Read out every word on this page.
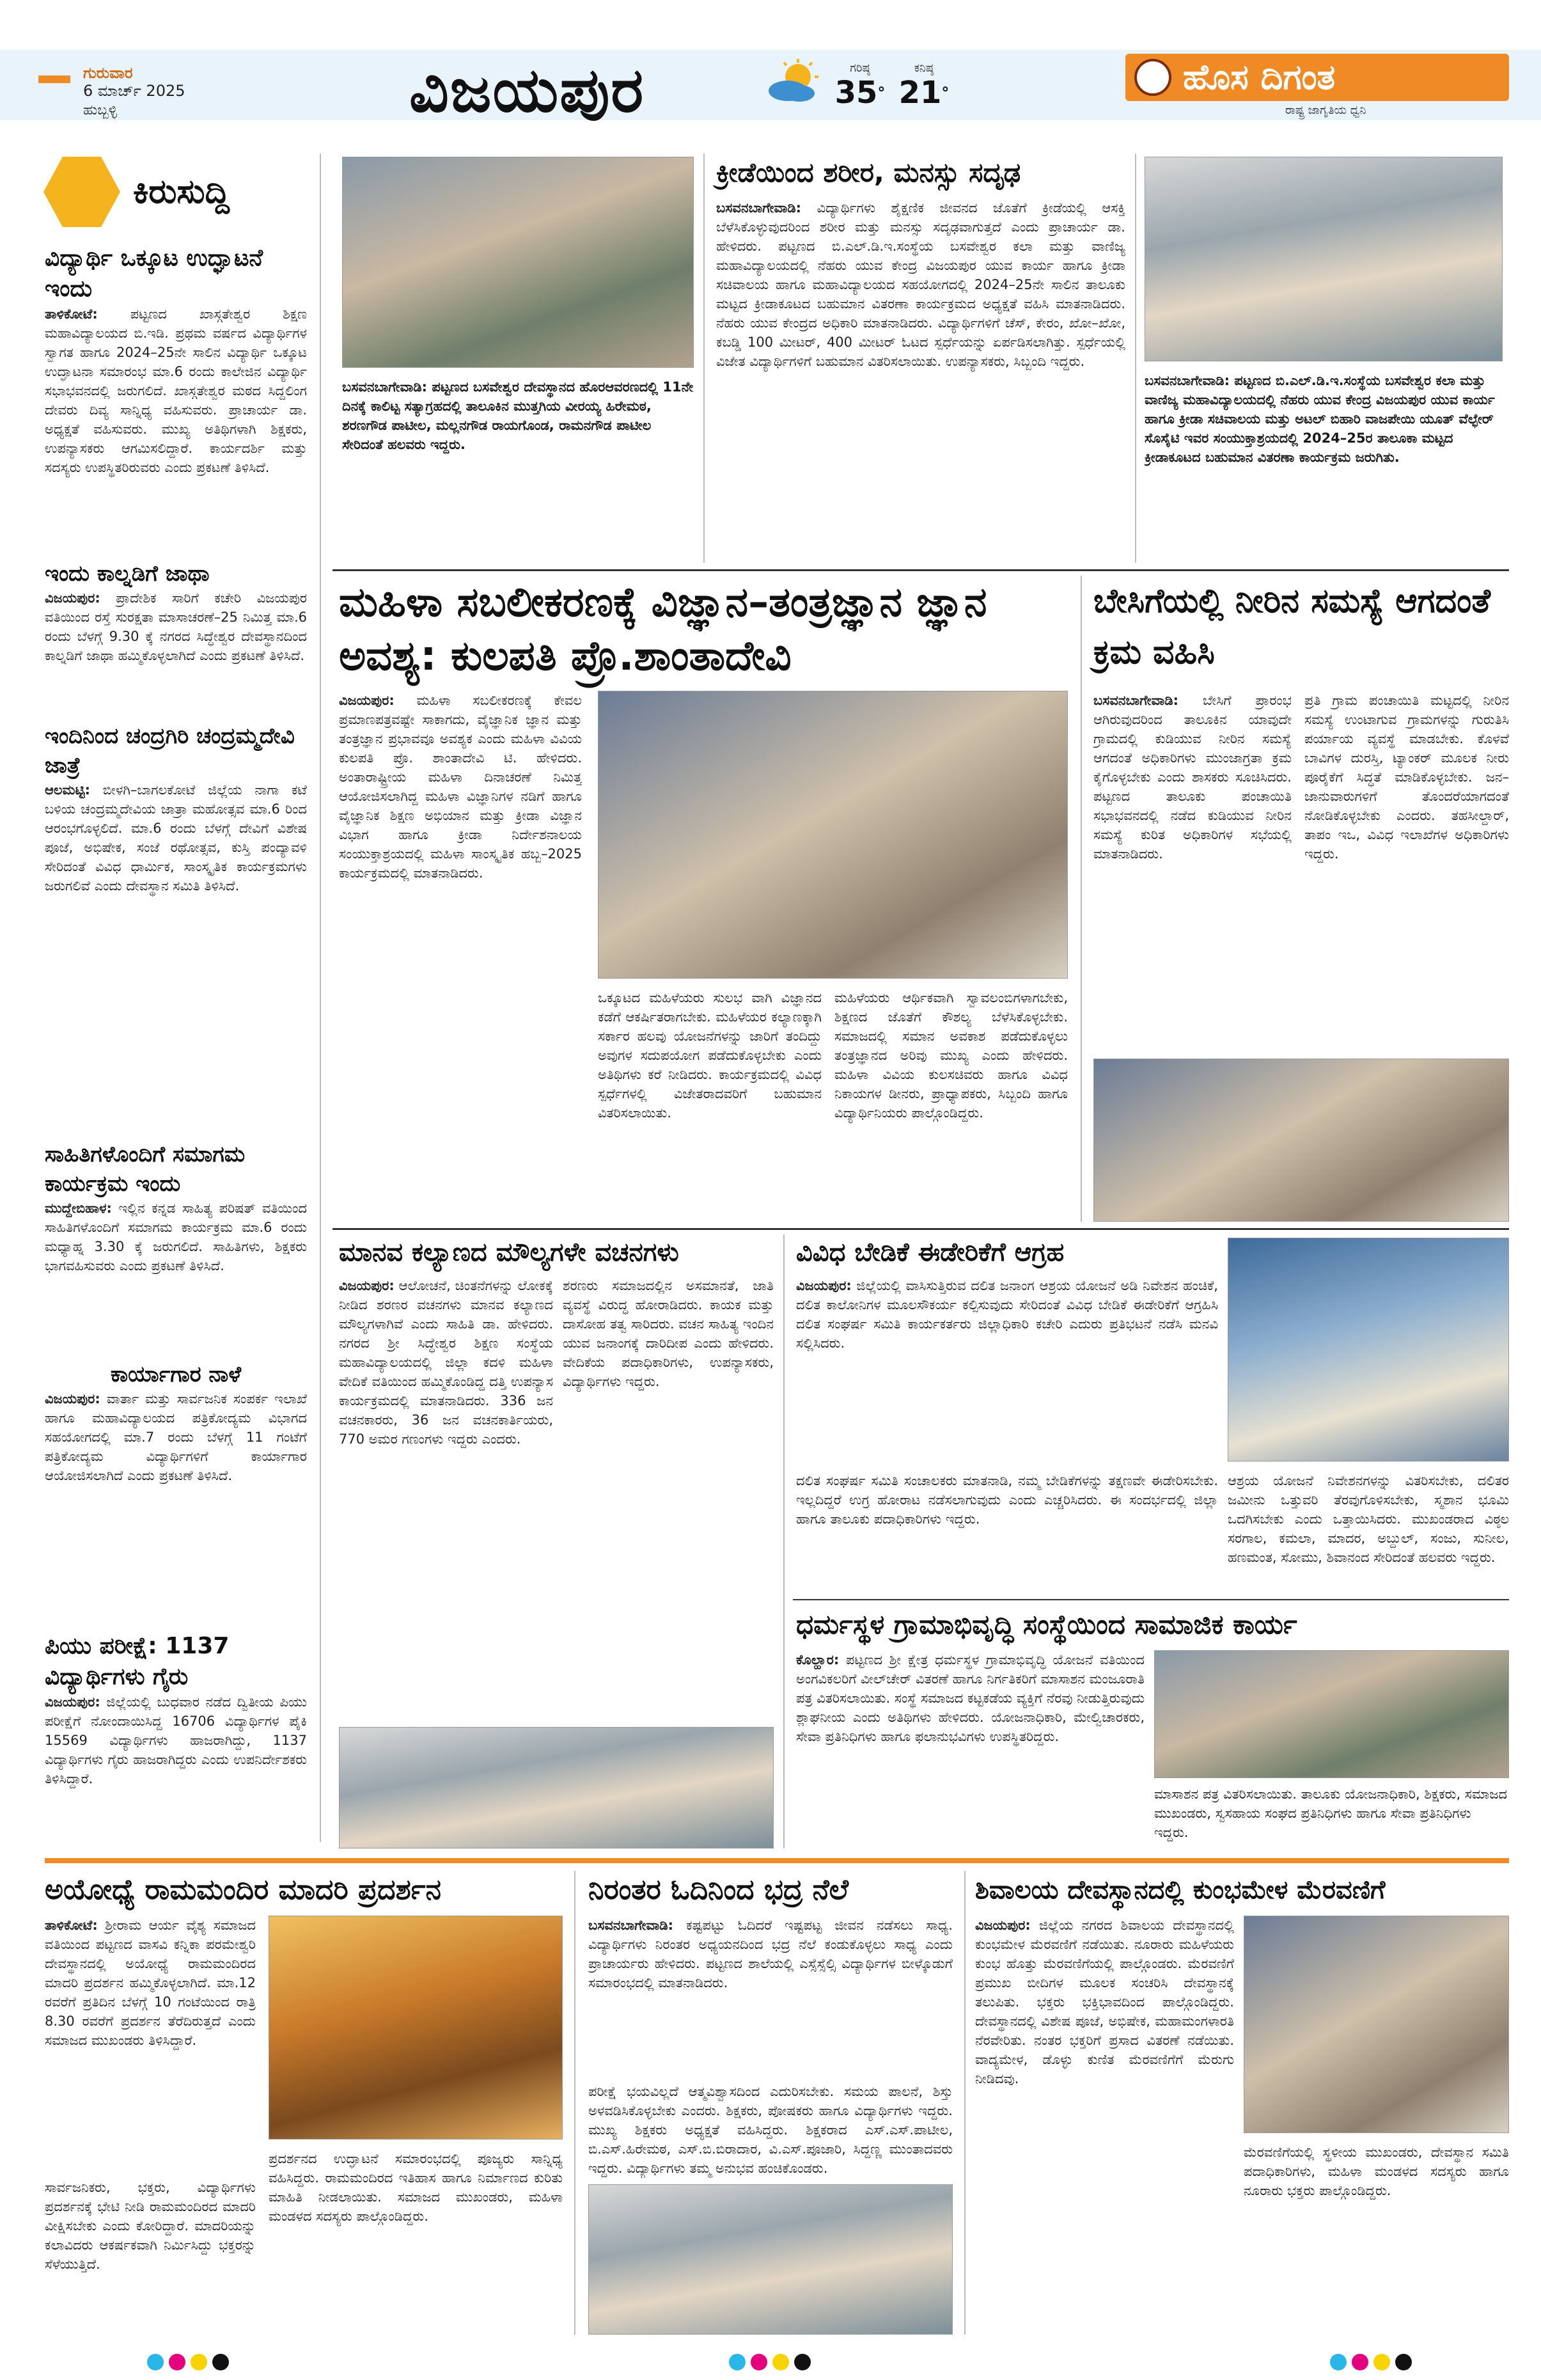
ಗುರುವಾರ
6 ಮಾರ್ಚ್ 2025
ಹುಬ್ಬಳ್ಳಿ	ವಿಜಯಪುರ	ಗರಿಷ್ಠ
35°
ಕನಿಷ್ಠ
21°	ಹೊಸ ದಿಗಂತ
ರಾಷ್ಟ್ರ ಜಾಗೃತಿಯ ಧ್ವನಿ
ಕಿರುಸುದ್ದಿ
ವಿದ್ಯಾರ್ಥಿ ಒಕ್ಕೂಟ ಉದ್ಘಾಟನೆ ಇಂದು
ತಾಳಿಕೋಟೆ: ಪಟ್ಟಣದ ಖಾಸ್ಗತೇಶ್ವರ ಶಿಕ್ಷಣ ಮಹಾವಿದ್ಯಾಲಯದ ಬಿ.ಇಡಿ. ಪ್ರಥಮ ವರ್ಷದ ವಿದ್ಯಾರ್ಥಿಗಳ ಸ್ವಾಗತ ಹಾಗೂ 2024–25ನೇ ಸಾಲಿನ ವಿದ್ಯಾರ್ಥಿ ಒಕ್ಕೂಟ ಉದ್ಘಾಟನಾ ಸಮಾರಂಭ ಮಾ.6 ರಂದು ಕಾಲೇಜಿನ ವಿದ್ಯಾರ್ಥಿ ಸಭಾಭವನದಲ್ಲಿ ಜರುಗಲಿದೆ. ಖಾಸ್ಗತೇಶ್ವರ ಮಠದ ಸಿದ್ದಲಿಂಗ ದೇವರು ದಿವ್ಯ ಸಾನ್ನಿಧ್ಯ ವಹಿಸುವರು. ಪ್ರಾಚಾರ್ಯ ಡಾ. ಅಧ್ಯಕ್ಷತೆ ವಹಿಸುವರು. ಮುಖ್ಯ ಅತಿಥಿಗಳಾಗಿ ಶಿಕ್ಷಕರು, ಉಪನ್ಯಾಸಕರು ಆಗಮಿಸಲಿದ್ದಾರೆ. ಕಾರ್ಯದರ್ಶಿ ಮತ್ತು ಸದಸ್ಯರು ಉಪಸ್ಥಿತರಿರುವರು ಎಂದು ಪ್ರಕಟಣೆ ತಿಳಿಸಿದೆ.
ಇಂದು ಕಾಲ್ನಡಿಗೆ ಜಾಥಾ
ವಿಜಯಪುರ: ಪ್ರಾದೇಶಿಕ ಸಾರಿಗೆ ಕಚೇರಿ ವಿಜಯಪುರ ವತಿಯಿಂದ ರಸ್ತೆ ಸುರಕ್ಷತಾ ಮಾಸಾಚರಣೆ–25 ನಿಮಿತ್ತ ಮಾ.6 ರಂದು ಬೆಳಗ್ಗೆ 9.30 ಕ್ಕೆ ನಗರದ ಸಿದ್ಧೇಶ್ವರ ದೇವಸ್ಥಾನದಿಂದ ಕಾಲ್ನಡಿಗೆ ಜಾಥಾ ಹಮ್ಮಿಕೊಳ್ಳಲಾಗಿದೆ ಎಂದು ಪ್ರಕಟಣೆ ತಿಳಿಸಿದೆ.
ಇಂದಿನಿಂದ ಚಂದ್ರಗಿರಿ ಚಂದ್ರಮ್ಮದೇವಿ ಜಾತ್ರೆ
ಆಲಮಟ್ಟಿ: ಬೀಳಗಿ–ಬಾಗಲಕೋಟೆ ಜಿಲ್ಲೆಯ ನಾಗಾ ಕಟೆ ಬಳಿಯ ಚಂದ್ರಮ್ಮದೇವಿಯ ಜಾತ್ರಾ ಮಹೋತ್ಸವ ಮಾ.6 ರಿಂದ ಆರಂಭಗೊಳ್ಳಲಿದೆ. ಮಾ.6 ರಂದು ಬೆಳಗ್ಗೆ ದೇವಿಗೆ ವಿಶೇಷ ಪೂಜೆ, ಅಭಿಷೇಕ, ಸಂಜೆ ರಥೋತ್ಸವ, ಕುಸ್ತಿ ಪಂದ್ಯಾವಳಿ ಸೇರಿದಂತೆ ವಿವಿಧ ಧಾರ್ಮಿಕ, ಸಾಂಸ್ಕೃತಿಕ ಕಾರ್ಯಕ್ರಮಗಳು ಜರುಗಲಿವೆ ಎಂದು ದೇವಸ್ಥಾನ ಸಮಿತಿ ತಿಳಿಸಿದೆ.
ಸಾಹಿತಿಗಳೊಂದಿಗೆ ಸಮಾಗಮ ಕಾರ್ಯಕ್ರಮ ಇಂದು
ಮುದ್ದೇಬಿಹಾಳ: ಇಲ್ಲಿನ ಕನ್ನಡ ಸಾಹಿತ್ಯ ಪರಿಷತ್ ವತಿಯಿಂದ ಸಾಹಿತಿಗಳೊಂದಿಗೆ ಸಮಾಗಮ ಕಾರ್ಯಕ್ರಮ ಮಾ.6 ರಂದು ಮಧ್ಯಾಹ್ನ 3.30 ಕ್ಕೆ ಜರುಗಲಿದೆ. ಸಾಹಿತಿಗಳು, ಶಿಕ್ಷಕರು ಭಾಗವಹಿಸುವರು ಎಂದು ಪ್ರಕಟಣೆ ತಿಳಿಸಿದೆ.
ಕಾರ್ಯಾಗಾರ ನಾಳೆ
ವಿಜಯಪುರ: ವಾರ್ತಾ ಮತ್ತು ಸಾರ್ವಜನಿಕ ಸಂಪರ್ಕ ಇಲಾಖೆ ಹಾಗೂ ಮಹಾವಿದ್ಯಾಲಯದ ಪತ್ರಿಕೋದ್ಯಮ ವಿಭಾಗದ ಸಹಯೋಗದಲ್ಲಿ ಮಾ.7 ರಂದು ಬೆಳಗ್ಗೆ 11 ಗಂಟೆಗೆ ಪತ್ರಿಕೋದ್ಯಮ ವಿದ್ಯಾರ್ಥಿಗಳಿಗೆ ಕಾರ್ಯಾಗಾರ ಆಯೋಜಿಸಲಾಗಿದೆ ಎಂದು ಪ್ರಕಟಣೆ ತಿಳಿಸಿದೆ.
ಪಿಯು ಪರೀಕ್ಷೆ: 1137 ವಿದ್ಯಾರ್ಥಿಗಳು ಗೈರು
ವಿಜಯಪುರ: ಜಿಲ್ಲೆಯಲ್ಲಿ ಬುಧವಾರ ನಡೆದ ದ್ವಿತೀಯ ಪಿಯು ಪರೀಕ್ಷೆಗೆ ನೋಂದಾಯಿಸಿದ್ದ 16706 ವಿದ್ಯಾರ್ಥಿಗಳ ಪೈಕಿ 15569 ವಿದ್ಯಾರ್ಥಿಗಳು ಹಾಜರಾಗಿದ್ದು, 1137 ವಿದ್ಯಾರ್ಥಿಗಳು ಗೈರು ಹಾಜರಾಗಿದ್ದರು ಎಂದು ಉಪನಿರ್ದೇಶಕರು ತಿಳಿಸಿದ್ದಾರೆ.
ಬಸವನಬಾಗೇವಾಡಿ: ಪಟ್ಟಣದ ಬಸವೇಶ್ವರ ದೇವಸ್ಥಾನದ ಹೊರಆವರಣದಲ್ಲಿ 11ನೇ ದಿನಕ್ಕೆ ಕಾಲಿಟ್ಟ ಸತ್ಯಾಗ್ರಹದಲ್ಲಿ ತಾಲೂಕಿನ ಮುತ್ತಗಿಯ ವೀರಯ್ಯ ಹಿರೇಮಠ, ಶರಣಗೌಡ ಪಾಟೀಲ, ಮಲ್ಲನಗೌಡ ರಾಯಗೊಂಡ, ರಾಮನಗೌಡ ಪಾಟೀಲ ಸೇರಿದಂತೆ ಹಲವರು ಇದ್ದರು.
ಕ್ರೀಡೆಯಿಂದ ಶರೀರ, ಮನಸ್ಸು ಸದೃಢ
ಬಸವನಬಾಗೇವಾಡಿ: ವಿದ್ಯಾರ್ಥಿಗಳು ಶೈಕ್ಷಣಿಕ ಜೀವನದ ಜೊತೆಗೆ ಕ್ರೀಡೆಯಲ್ಲಿ ಆಸಕ್ತಿ ಬೆಳೆಸಿಕೊಳ್ಳುವುದರಿಂದ ಶರೀರ ಮತ್ತು ಮನಸ್ಸು ಸದೃಢವಾಗುತ್ತದೆ ಎಂದು ಪ್ರಾಚಾರ್ಯ ಡಾ. ಹೇಳಿದರು. ಪಟ್ಟಣದ ಬಿ.ಎಲ್.ಡಿ.ಇ.ಸಂಸ್ಥೆಯ ಬಸವೇಶ್ವರ ಕಲಾ ಮತ್ತು ವಾಣಿಜ್ಯ ಮಹಾವಿದ್ಯಾಲಯದಲ್ಲಿ ನೆಹರು ಯುವ ಕೇಂದ್ರ ವಿಜಯಪುರ ಯುವ ಕಾರ್ಯ ಹಾಗೂ ಕ್ರೀಡಾ ಸಚಿವಾಲಯ ಹಾಗೂ ಮಹಾವಿದ್ಯಾಲಯದ ಸಹಯೋಗದಲ್ಲಿ 2024–25ನೇ ಸಾಲಿನ ತಾಲೂಕು ಮಟ್ಟದ ಕ್ರೀಡಾಕೂಟದ ಬಹುಮಾನ ವಿತರಣಾ ಕಾರ್ಯಕ್ರಮದ ಅಧ್ಯಕ್ಷತೆ ವಹಿಸಿ ಮಾತನಾಡಿದರು. ನೆಹರು ಯುವ ಕೇಂದ್ರದ ಅಧಿಕಾರಿ ಮಾತನಾಡಿದರು. ವಿದ್ಯಾರ್ಥಿಗಳಿಗೆ ಚೆಸ್, ಕೇರಂ, ಖೋ–ಖೋ, ಕಬಡ್ಡಿ 100 ಮೀಟರ್, 400 ಮೀಟರ್ ಓಟದ ಸ್ಪರ್ಧೆಯನ್ನು ಏರ್ಪಡಿಸಲಾಗಿತ್ತು. ಸ್ಪರ್ಧೆಯಲ್ಲಿ ವಿಜೇತ ವಿದ್ಯಾರ್ಥಿಗಳಿಗೆ ಬಹುಮಾನ ವಿತರಿಸಲಾಯಿತು. ಉಪನ್ಯಾಸಕರು, ಸಿಬ್ಬಂದಿ ಇದ್ದರು.
ಬಸವನಬಾಗೇವಾಡಿ: ಪಟ್ಟಣದ ಬಿ.ಎಲ್.ಡಿ.ಇ.ಸಂಸ್ಥೆಯ ಬಸವೇಶ್ವರ ಕಲಾ ಮತ್ತು ವಾಣಿಜ್ಯ ಮಹಾವಿದ್ಯಾಲಯದಲ್ಲಿ ನೆಹರು ಯುವ ಕೇಂದ್ರ ವಿಜಯಪುರ ಯುವ ಕಾರ್ಯ ಹಾಗೂ ಕ್ರೀಡಾ ಸಚಿವಾಲಯ ಮತ್ತು ಅಟಲ್ ಬಿಹಾರಿ ವಾಜಪೇಯಿ ಯೂತ್ ವೆಲ್ಫೇರ್ ಸೊಸೈಟಿ ಇವರ ಸಂಯುಕ್ತಾಶ್ರಯದಲ್ಲಿ 2024–25ರ ತಾಲೂಕಾ ಮಟ್ಟದ ಕ್ರೀಡಾಕೂಟದ ಬಹುಮಾನ ವಿತರಣಾ ಕಾರ್ಯಕ್ರಮ ಜರುಗಿತು.
ಮಹಿಳಾ ಸಬಲೀಕರಣಕ್ಕೆ ವಿಜ್ಞಾನ–ತಂತ್ರಜ್ಞಾನ ಜ್ಞಾನ ಅವಶ್ಯ: ಕುಲಪತಿ ಪ್ರೊ.ಶಾಂತಾದೇವಿ
ವಿಜಯಪುರ: ಮಹಿಳಾ ಸಬಲೀಕರಣಕ್ಕೆ ಕೇವಲ ಪ್ರಮಾಣಪತ್ರವಷ್ಟೇ ಸಾಕಾಗದು, ವೈಜ್ಞಾನಿಕ ಜ್ಞಾನ ಮತ್ತು ತಂತ್ರಜ್ಞಾನ ಪ್ರಭಾವವೂ ಅವಶ್ಯಕ ಎಂದು ಮಹಿಳಾ ವಿವಿಯ ಕುಲಪತಿ ಪ್ರೊ. ಶಾಂತಾದೇವಿ ಟಿ. ಹೇಳಿದರು. ಅಂತಾರಾಷ್ಟ್ರೀಯ ಮಹಿಳಾ ದಿನಾಚರಣೆ ನಿಮಿತ್ತ ಆಯೋಜಿಸಲಾಗಿದ್ದ ಮಹಿಳಾ ವಿಜ್ಞಾನಿಗಳ ನಡಿಗೆ ಹಾಗೂ ವೈಜ್ಞಾನಿಕ ಶಿಕ್ಷಣ ಅಭಿಯಾನ ಮತ್ತು ಕ್ರೀಡಾ ವಿಜ್ಞಾನ ವಿಭಾಗ ಹಾಗೂ ಕ್ರೀಡಾ ನಿರ್ದೇಶನಾಲಯ ಸಂಯುಕ್ತಾಶ್ರಯದಲ್ಲಿ ಮಹಿಳಾ ಸಾಂಸ್ಕೃತಿಕ ಹಬ್ಬ–2025 ಕಾರ್ಯಕ್ರಮದಲ್ಲಿ ಮಾತನಾಡಿದರು.
ಒಕ್ಕೂಟದ ಮಹಿಳೆಯರು ಸುಲಭ ವಾಗಿ ವಿಜ್ಞಾನದ ಕಡೆಗೆ ಆಕರ್ಷಿತರಾಗಬೇಕು. ಮಹಿಳೆಯರ ಕಲ್ಯಾಣಕ್ಕಾಗಿ ಸರ್ಕಾರ ಹಲವು ಯೋಜನೆಗಳನ್ನು ಜಾರಿಗೆ ತಂದಿದ್ದು ಅವುಗಳ ಸದುಪಯೋಗ ಪಡೆದುಕೊಳ್ಳಬೇಕು ಎಂದು ಅತಿಥಿಗಳು ಕರೆ ನೀಡಿದರು. ಕಾರ್ಯಕ್ರಮದಲ್ಲಿ ವಿವಿಧ ಸ್ಪರ್ಧೆಗಳಲ್ಲಿ ವಿಜೇತರಾದವರಿಗೆ ಬಹುಮಾನ ವಿತರಿಸಲಾಯಿತು.
ಮಹಿಳೆಯರು ಆರ್ಥಿಕವಾಗಿ ಸ್ವಾವಲಂಬಿಗಳಾಗಬೇಕು, ಶಿಕ್ಷಣದ ಜೊತೆಗೆ ಕೌಶಲ್ಯ ಬೆಳೆಸಿಕೊಳ್ಳಬೇಕು. ಸಮಾಜದಲ್ಲಿ ಸಮಾನ ಅವಕಾಶ ಪಡೆದುಕೊಳ್ಳಲು ತಂತ್ರಜ್ಞಾನದ ಅರಿವು ಮುಖ್ಯ ಎಂದು ಹೇಳಿದರು. ಮಹಿಳಾ ವಿವಿಯ ಕುಲಸಚಿವರು ಹಾಗೂ ವಿವಿಧ ನಿಕಾಯಗಳ ಡೀನರು, ಪ್ರಾಧ್ಯಾಪಕರು, ಸಿಬ್ಬಂದಿ ಹಾಗೂ ವಿದ್ಯಾರ್ಥಿನಿಯರು ಪಾಲ್ಗೊಂಡಿದ್ದರು.
ಬೇಸಿಗೆಯಲ್ಲಿ ನೀರಿನ ಸಮಸ್ಯೆ ಆಗದಂತೆ ಕ್ರಮ ವಹಿಸಿ
ಬಸವನಬಾಗೇವಾಡಿ: ಬೇಸಿಗೆ ಪ್ರಾರಂಭ ಆಗಿರುವುದರಿಂದ ತಾಲೂಕಿನ ಯಾವುದೇ ಗ್ರಾಮದಲ್ಲಿ ಕುಡಿಯುವ ನೀರಿನ ಸಮಸ್ಯೆ ಆಗದಂತೆ ಅಧಿಕಾರಿಗಳು ಮುಂಜಾಗ್ರತಾ ಕ್ರಮ ಕೈಗೊಳ್ಳಬೇಕು ಎಂದು ಶಾಸಕರು ಸೂಚಿಸಿದರು. ಪಟ್ಟಣದ ತಾಲೂಕು ಪಂಚಾಯಿತಿ ಸಭಾಭವನದಲ್ಲಿ ನಡೆದ ಕುಡಿಯುವ ನೀರಿನ ಸಮಸ್ಯೆ ಕುರಿತ ಅಧಿಕಾರಿಗಳ ಸಭೆಯಲ್ಲಿ ಮಾತನಾಡಿದರು.
ಪ್ರತಿ ಗ್ರಾಮ ಪಂಚಾಯಿತಿ ಮಟ್ಟದಲ್ಲಿ ನೀರಿನ ಸಮಸ್ಯೆ ಉಂಟಾಗುವ ಗ್ರಾಮಗಳನ್ನು ಗುರುತಿಸಿ ಪರ್ಯಾಯ ವ್ಯವಸ್ಥೆ ಮಾಡಬೇಕು. ಕೊಳವೆ ಬಾವಿಗಳ ದುರಸ್ತಿ, ಟ್ಯಾಂಕರ್ ಮೂಲಕ ನೀರು ಪೂರೈಕೆಗೆ ಸಿದ್ಧತೆ ಮಾಡಿಕೊಳ್ಳಬೇಕು. ಜನ–ಜಾನುವಾರುಗಳಿಗೆ ತೊಂದರೆಯಾಗದಂತೆ ನೋಡಿಕೊಳ್ಳಬೇಕು ಎಂದರು. ತಹಸೀಲ್ದಾರ್, ತಾಪಂ ಇಒ, ವಿವಿಧ ಇಲಾಖೆಗಳ ಅಧಿಕಾರಿಗಳು ಇದ್ದರು.
ಮಾನವ ಕಲ್ಯಾಣದ ಮೌಲ್ಯಗಳೇ ವಚನಗಳು
ವಿಜಯಪುರ: ಆಲೋಚನೆ, ಚಿಂತನೆಗಳನ್ನು ಲೋಕಕ್ಕೆ ನೀಡಿದ ಶರಣರ ವಚನಗಳು ಮಾನವ ಕಲ್ಯಾಣದ ಮೌಲ್ಯಗಳಾಗಿವೆ ಎಂದು ಸಾಹಿತಿ ಡಾ. ಹೇಳಿದರು. ನಗರದ ಶ್ರೀ ಸಿದ್ಧೇಶ್ವರ ಶಿಕ್ಷಣ ಸಂಸ್ಥೆಯ ಮಹಾವಿದ್ಯಾಲಯದಲ್ಲಿ ಜಿಲ್ಲಾ ಕದಳಿ ಮಹಿಳಾ ವೇದಿಕೆ ವತಿಯಿಂದ ಹಮ್ಮಿಕೊಂಡಿದ್ದ ದತ್ತಿ ಉಪನ್ಯಾಸ ಕಾರ್ಯಕ್ರಮದಲ್ಲಿ ಮಾತನಾಡಿದರು. 336 ಜನ ವಚನಕಾರರು, 36 ಜನ ವಚನಕಾರ್ತಿಯರು, 770 ಅಮರ ಗಣಂಗಳು ಇದ್ದರು ಎಂದರು.
ಶರಣರು ಸಮಾಜದಲ್ಲಿನ ಅಸಮಾನತೆ, ಜಾತಿ ವ್ಯವಸ್ಥೆ ವಿರುದ್ಧ ಹೋರಾಡಿದರು. ಕಾಯಕ ಮತ್ತು ದಾಸೋಹ ತತ್ವ ಸಾರಿದರು. ವಚನ ಸಾಹಿತ್ಯ ಇಂದಿನ ಯುವ ಜನಾಂಗಕ್ಕೆ ದಾರಿದೀಪ ಎಂದು ಹೇಳಿದರು. ವೇದಿಕೆಯ ಪದಾಧಿಕಾರಿಗಳು, ಉಪನ್ಯಾಸಕರು, ವಿದ್ಯಾರ್ಥಿಗಳು ಇದ್ದರು.
ವಿವಿಧ ಬೇಡಿಕೆ ಈಡೇರಿಕೆಗೆ ಆಗ್ರಹ
ವಿಜಯಪುರ: ಜಿಲ್ಲೆಯಲ್ಲಿ ವಾಸಿಸುತ್ತಿರುವ ದಲಿತ ಜನಾಂಗ ಆಶ್ರಯ ಯೋಜನೆ ಅಡಿ ನಿವೇಶನ ಹಂಚಿಕೆ, ದಲಿತ ಕಾಲೋನಿಗಳ ಮೂಲಸೌಕರ್ಯ ಕಲ್ಪಿಸುವುದು ಸೇರಿದಂತೆ ವಿವಿಧ ಬೇಡಿಕೆ ಈಡೇರಿಕೆಗೆ ಆಗ್ರಹಿಸಿ ದಲಿತ ಸಂಘರ್ಷ ಸಮಿತಿ ಕಾರ್ಯಕರ್ತರು ಜಿಲ್ಲಾಧಿಕಾರಿ ಕಚೇರಿ ಎದುರು ಪ್ರತಿಭಟನೆ ನಡೆಸಿ ಮನವಿ ಸಲ್ಲಿಸಿದರು.
ದಲಿತ ಸಂಘರ್ಷ ಸಮಿತಿ ಸಂಚಾಲಕರು ಮಾತನಾಡಿ, ನಮ್ಮ ಬೇಡಿಕೆಗಳನ್ನು ತಕ್ಷಣವೇ ಈಡೇರಿಸಬೇಕು. ಇಲ್ಲದಿದ್ದರೆ ಉಗ್ರ ಹೋರಾಟ ನಡೆಸಲಾಗುವುದು ಎಂದು ಎಚ್ಚರಿಸಿದರು. ಈ ಸಂದರ್ಭದಲ್ಲಿ ಜಿಲ್ಲಾ ಹಾಗೂ ತಾಲೂಕು ಪದಾಧಿಕಾರಿಗಳು ಇದ್ದರು.
ಆಶ್ರಯ ಯೋಜನೆ ನಿವೇಶನಗಳನ್ನು ವಿತರಿಸಬೇಕು, ದಲಿತರ ಜಮೀನು ಒತ್ತುವರಿ ತೆರವುಗೊಳಿಸಬೇಕು, ಸ್ಮಶಾನ ಭೂಮಿ ಒದಗಿಸಬೇಕು ಎಂದು ಒತ್ತಾಯಿಸಿದರು. ಮುಖಂಡರಾದ ವಿಠ್ಠಲ ಸರಗಾಲ, ಕಮಲಾ, ಮಾದರ, ಅಬ್ದುಲ್, ಸಂಜು, ಸುನೀಲ, ಹಣಮಂತ, ಸೋಮು, ಶಿವಾನಂದ ಸೇರಿದಂತೆ ಹಲವರು ಇದ್ದರು.
ಧರ್ಮಸ್ಥಳ ಗ್ರಾಮಾಭಿವೃದ್ಧಿ ಸಂಸ್ಥೆಯಿಂದ ಸಾಮಾಜಿಕ ಕಾರ್ಯ
ಕೊಲ್ಹಾರ: ಪಟ್ಟಣದ ಶ್ರೀ ಕ್ಷೇತ್ರ ಧರ್ಮಸ್ಥಳ ಗ್ರಾಮಾಭಿವೃದ್ಧಿ ಯೋಜನೆ ವತಿಯಿಂದ ಅಂಗವಿಕಲರಿಗೆ ವೀಲ್‌ಚೇರ್ ವಿತರಣೆ ಹಾಗೂ ನಿರ್ಗತಿಕರಿಗೆ ಮಾಸಾಶನ ಮಂಜೂರಾತಿ ಪತ್ರ ವಿತರಿಸಲಾಯಿತು. ಸಂಸ್ಥೆ ಸಮಾಜದ ಕಟ್ಟಕಡೆಯ ವ್ಯಕ್ತಿಗೆ ನೆರವು ನೀಡುತ್ತಿರುವುದು ಶ್ಲಾಘನೀಯ ಎಂದು ಅತಿಥಿಗಳು ಹೇಳಿದರು. ಯೋಜನಾಧಿಕಾರಿ, ಮೇಲ್ವಿಚಾರಕರು, ಸೇವಾ ಪ್ರತಿನಿಧಿಗಳು ಹಾಗೂ ಫಲಾನುಭವಿಗಳು ಉಪಸ್ಥಿತರಿದ್ದರು.
ಮಾಸಾಶನ ಪತ್ರ ವಿತರಿಸಲಾಯಿತು. ತಾಲೂಕು ಯೋಜನಾಧಿಕಾರಿ, ಶಿಕ್ಷಕರು, ಸಮಾಜದ ಮುಖಂಡರು, ಸ್ವಸಹಾಯ ಸಂಘದ ಪ್ರತಿನಿಧಿಗಳು ಹಾಗೂ ಸೇವಾ ಪ್ರತಿನಿಧಿಗಳು ಇದ್ದರು.
ಅಯೋಧ್ಯೆ ರಾಮಮಂದಿರ ಮಾದರಿ ಪ್ರದರ್ಶನ
ತಾಳಿಕೋಟೆ: ಶ್ರೀರಾಮ ಆರ್ಯ ವೈಶ್ಯ ಸಮಾಜದ ವತಿಯಿಂದ ಪಟ್ಟಣದ ವಾಸವಿ ಕನ್ನಿಕಾ ಪರಮೇಶ್ವರಿ ದೇವಸ್ಥಾನದಲ್ಲಿ ಅಯೋಧ್ಯೆ ರಾಮಮಂದಿರದ ಮಾದರಿ ಪ್ರದರ್ಶನ ಹಮ್ಮಿಕೊಳ್ಳಲಾಗಿದೆ. ಮಾ.12 ರವರೆಗೆ ಪ್ರತಿದಿನ ಬೆಳಗ್ಗೆ 10 ಗಂಟೆಯಿಂದ ರಾತ್ರಿ 8.30 ರವರೆಗೆ ಪ್ರದರ್ಶನ ತೆರೆದಿರುತ್ತದೆ ಎಂದು ಸಮಾಜದ ಮುಖಂಡರು ತಿಳಿಸಿದ್ದಾರೆ.
ಸಾರ್ವಜನಿಕರು, ಭಕ್ತರು, ವಿದ್ಯಾರ್ಥಿಗಳು ಪ್ರದರ್ಶನಕ್ಕೆ ಭೇಟಿ ನೀಡಿ ರಾಮಮಂದಿರದ ಮಾದರಿ ವೀಕ್ಷಿಸಬೇಕು ಎಂದು ಕೋರಿದ್ದಾರೆ. ಮಾದರಿಯನ್ನು ಕಲಾವಿದರು ಆಕರ್ಷಕವಾಗಿ ನಿರ್ಮಿಸಿದ್ದು ಭಕ್ತರನ್ನು ಸೆಳೆಯುತ್ತಿದೆ.
ಪ್ರದರ್ಶನದ ಉದ್ಘಾಟನೆ ಸಮಾರಂಭದಲ್ಲಿ ಪೂಜ್ಯರು ಸಾನ್ನಿಧ್ಯ ವಹಿಸಿದ್ದರು. ರಾಮಮಂದಿರದ ಇತಿಹಾಸ ಹಾಗೂ ನಿರ್ಮಾಣದ ಕುರಿತು ಮಾಹಿತಿ ನೀಡಲಾಯಿತು. ಸಮಾಜದ ಮುಖಂಡರು, ಮಹಿಳಾ ಮಂಡಳದ ಸದಸ್ಯರು ಪಾಲ್ಗೊಂಡಿದ್ದರು.
ನಿರಂತರ ಓದಿನಿಂದ ಭದ್ರ ನೆಲೆ
ಬಸವನಬಾಗೇವಾಡಿ: ಕಷ್ಟಪಟ್ಟು ಓದಿದರೆ ಇಷ್ಟಪಟ್ಟ ಜೀವನ ನಡೆಸಲು ಸಾಧ್ಯ. ವಿದ್ಯಾರ್ಥಿಗಳು ನಿರಂತರ ಅಧ್ಯಯನದಿಂದ ಭದ್ರ ನೆಲೆ ಕಂಡುಕೊಳ್ಳಲು ಸಾಧ್ಯ ಎಂದು ಪ್ರಾಚಾರ್ಯರು ಹೇಳಿದರು. ಪಟ್ಟಣದ ಶಾಲೆಯಲ್ಲಿ ಎಸ್ಸೆಸ್ಸೆಲ್ಸಿ ವಿದ್ಯಾರ್ಥಿಗಳ ಬೀಳ್ಕೊಡುಗೆ ಸಮಾರಂಭದಲ್ಲಿ ಮಾತನಾಡಿದರು.
ಪರೀಕ್ಷೆ ಭಯವಿಲ್ಲದೆ ಆತ್ಮವಿಶ್ವಾಸದಿಂದ ಎದುರಿಸಬೇಕು. ಸಮಯ ಪಾಲನೆ, ಶಿಸ್ತು ಅಳವಡಿಸಿಕೊಳ್ಳಬೇಕು ಎಂದರು. ಶಿಕ್ಷಕರು, ಪೋಷಕರು ಹಾಗೂ ವಿದ್ಯಾರ್ಥಿಗಳು ಇದ್ದರು. ಮುಖ್ಯ ಶಿಕ್ಷಕರು ಅಧ್ಯಕ್ಷತೆ ವಹಿಸಿದ್ದರು. ಶಿಕ್ಷಕರಾದ ಎಸ್.ಎಸ್.ಪಾಟೀಲ, ಬಿ.ಎಸ್.ಹಿರೇಮಠ, ಎಸ್.ಬಿ.ಬಿರಾದಾರ, ವಿ.ಎಸ್.ಪೂಜಾರಿ, ಸಿದ್ದಣ್ಣ ಮುಂತಾದವರು ಇದ್ದರು. ವಿದ್ಯಾರ್ಥಿಗಳು ತಮ್ಮ ಅನುಭವ ಹಂಚಿಕೊಂಡರು.
ಶಿವಾಲಯ ದೇವಸ್ಥಾನದಲ್ಲಿ ಕುಂಭಮೇಳ ಮೆರವಣಿಗೆ
ವಿಜಯಪುರ: ಜಿಲ್ಲೆಯ ನಗರದ ಶಿವಾಲಯ ದೇವಸ್ಥಾನದಲ್ಲಿ ಕುಂಭಮೇಳ ಮೆರವಣಿಗೆ ನಡೆಯಿತು. ನೂರಾರು ಮಹಿಳೆಯರು ಕುಂಭ ಹೊತ್ತು ಮೆರವಣಿಗೆಯಲ್ಲಿ ಪಾಲ್ಗೊಂಡರು. ಮೆರವಣಿಗೆ ಪ್ರಮುಖ ಬೀದಿಗಳ ಮೂಲಕ ಸಂಚರಿಸಿ ದೇವಸ್ಥಾನಕ್ಕೆ ತಲುಪಿತು. ಭಕ್ತರು ಭಕ್ತಿಭಾವದಿಂದ ಪಾಲ್ಗೊಂಡಿದ್ದರು. ದೇವಸ್ಥಾನದಲ್ಲಿ ವಿಶೇಷ ಪೂಜೆ, ಅಭಿಷೇಕ, ಮಹಾಮಂಗಳಾರತಿ ನೆರವೇರಿತು. ನಂತರ ಭಕ್ತರಿಗೆ ಪ್ರಸಾದ ವಿತರಣೆ ನಡೆಯಿತು. ವಾದ್ಯಮೇಳ, ಡೊಳ್ಳು ಕುಣಿತ ಮೆರವಣಿಗೆಗೆ ಮೆರುಗು ನೀಡಿದವು.
ಮೆರವಣಿಗೆಯಲ್ಲಿ ಸ್ಥಳೀಯ ಮುಖಂಡರು, ದೇವಸ್ಥಾನ ಸಮಿತಿ ಪದಾಧಿಕಾರಿಗಳು, ಮಹಿಳಾ ಮಂಡಳದ ಸದಸ್ಯರು ಹಾಗೂ ನೂರಾರು ಭಕ್ತರು ಪಾಲ್ಗೊಂಡಿದ್ದರು.
